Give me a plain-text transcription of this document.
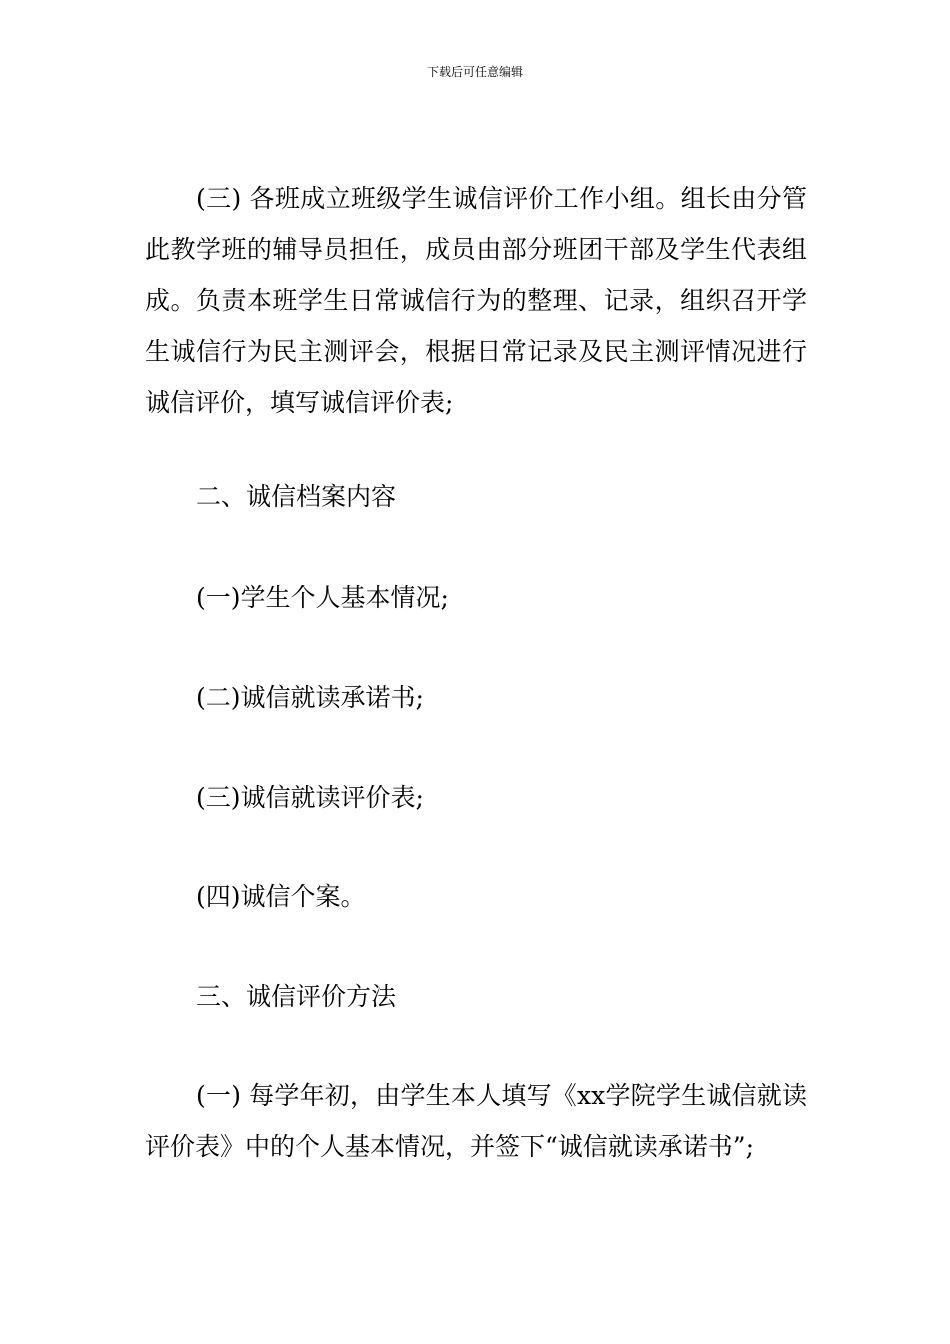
下载后可任意编辑
(三) 各班成立班级学生诚信评价工作小组。组长由分管此教学班的辅导员担任，成员由部分班团干部及学生代表组成。负责本班学生日常诚信行为的整理、记录，组织召开学生诚信行为民主测评会，根据日常记录及民主测评情况进行诚信评价，填写诚信评价表;
二、诚信档案内容
(一)学生个人基本情况;
(二)诚信就读承诺书;
(三)诚信就读评价表;
(四)诚信个案。
三、诚信评价方法
(一) 每学年初，由学生本人填写《xx学院学生诚信就读评价表》中的个人基本情况，并签下“诚信就读承诺书”;
